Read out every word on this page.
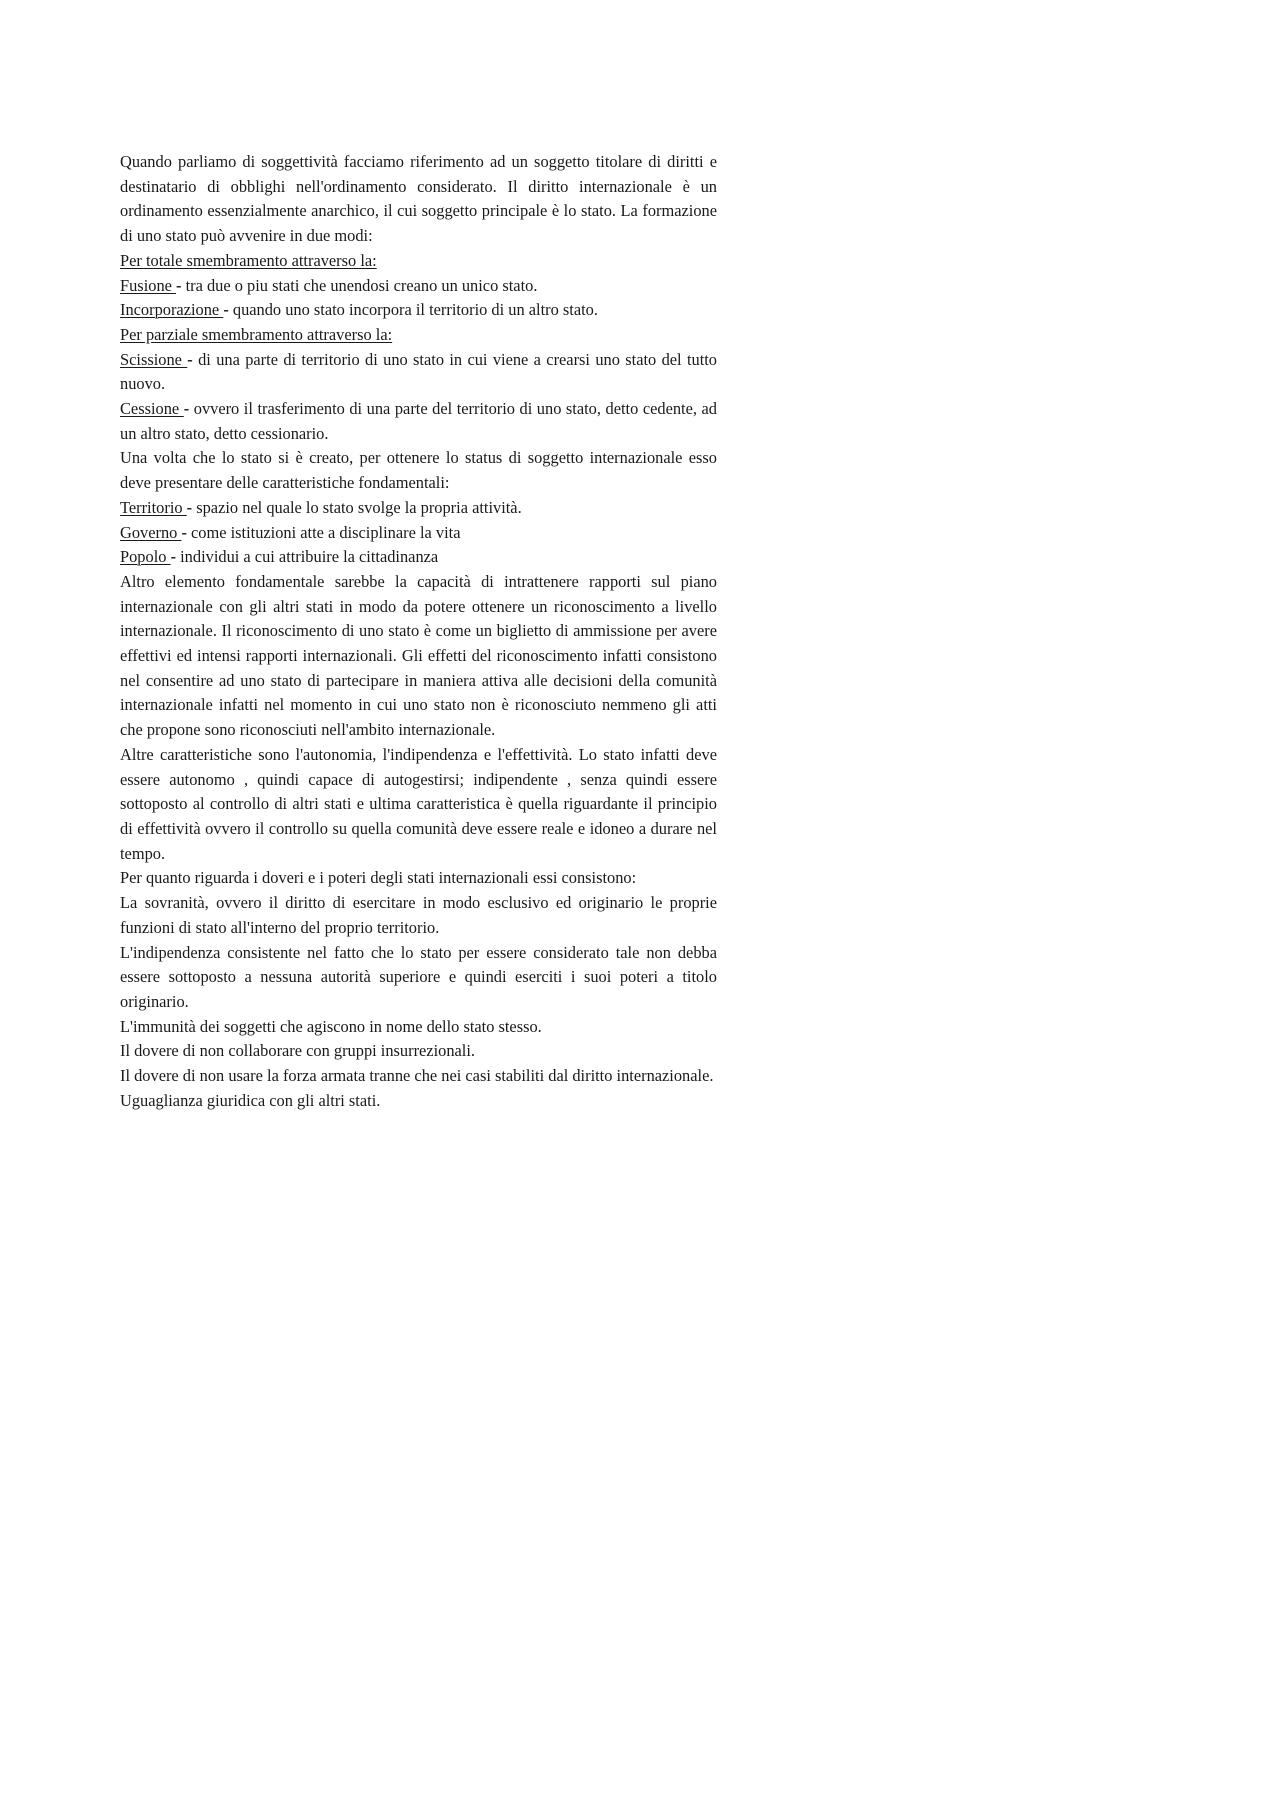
Quando parliamo di soggettività facciamo riferimento ad un soggetto titolare di diritti e destinatario di obblighi nell'ordinamento considerato. Il diritto internazionale è un ordinamento essenzialmente anarchico, il cui soggetto principale è lo stato. La formazione di uno stato può avvenire in due modi:

Per totale smembramento attraverso la:

Fusione - tra due o piu stati che unendosi creano un unico stato.

Incorporazione - quando uno stato incorpora il territorio di un altro stato.

Per parziale smembramento attraverso la:

Scissione - di una parte di territorio di uno stato in cui viene a crearsi uno stato del tutto nuovo.

Cessione - ovvero il trasferimento di una parte del territorio di uno stato, detto cedente, ad un altro stato, detto cessionario.

Una volta che lo stato si è creato, per ottenere lo status di soggetto internazionale esso deve presentare delle caratteristiche fondamentali:

Territorio - spazio nel quale lo stato svolge la propria attività.

Governo - come istituzioni atte a disciplinare la vita

Popolo - individui a cui attribuire la cittadinanza

Altro elemento fondamentale sarebbe la capacità di intrattenere rapporti sul piano internazionale con gli altri stati in modo da potere ottenere un riconoscimento a livello internazionale. Il riconoscimento di uno stato è come un biglietto di ammissione per avere effettivi ed intensi rapporti internazionali. Gli effetti del riconoscimento infatti consistono nel consentire ad uno stato di partecipare in maniera attiva alle decisioni della comunità internazionale infatti nel momento in cui uno stato non è riconosciuto nemmeno gli atti che propone sono riconosciuti nell'ambito internazionale.

Altre caratteristiche sono l'autonomia, l'indipendenza e l'effettività. Lo stato infatti deve essere autonomo , quindi capace di autogestirsi; indipendente , senza quindi essere sottoposto al controllo di altri stati e ultima caratteristica è quella riguardante il principio di effettività ovvero il controllo su quella comunità deve essere reale e idoneo a durare nel tempo.

Per quanto riguarda i doveri e i poteri degli stati internazionali essi consistono:

La sovranità, ovvero il diritto di esercitare in modo esclusivo ed originario le proprie funzioni di stato all'interno del proprio territorio.

L'indipendenza consistente nel fatto che lo stato per essere considerato tale non debba essere sottoposto a nessuna autorità superiore e quindi eserciti i suoi poteri a titolo originario.

L'immunità dei soggetti che agiscono in nome dello stato stesso.

Il dovere di non collaborare con gruppi insurrezionali.

Il dovere di non usare la forza armata tranne che nei casi stabiliti dal diritto internazionale.

Uguaglianza giuridica con gli altri stati.
